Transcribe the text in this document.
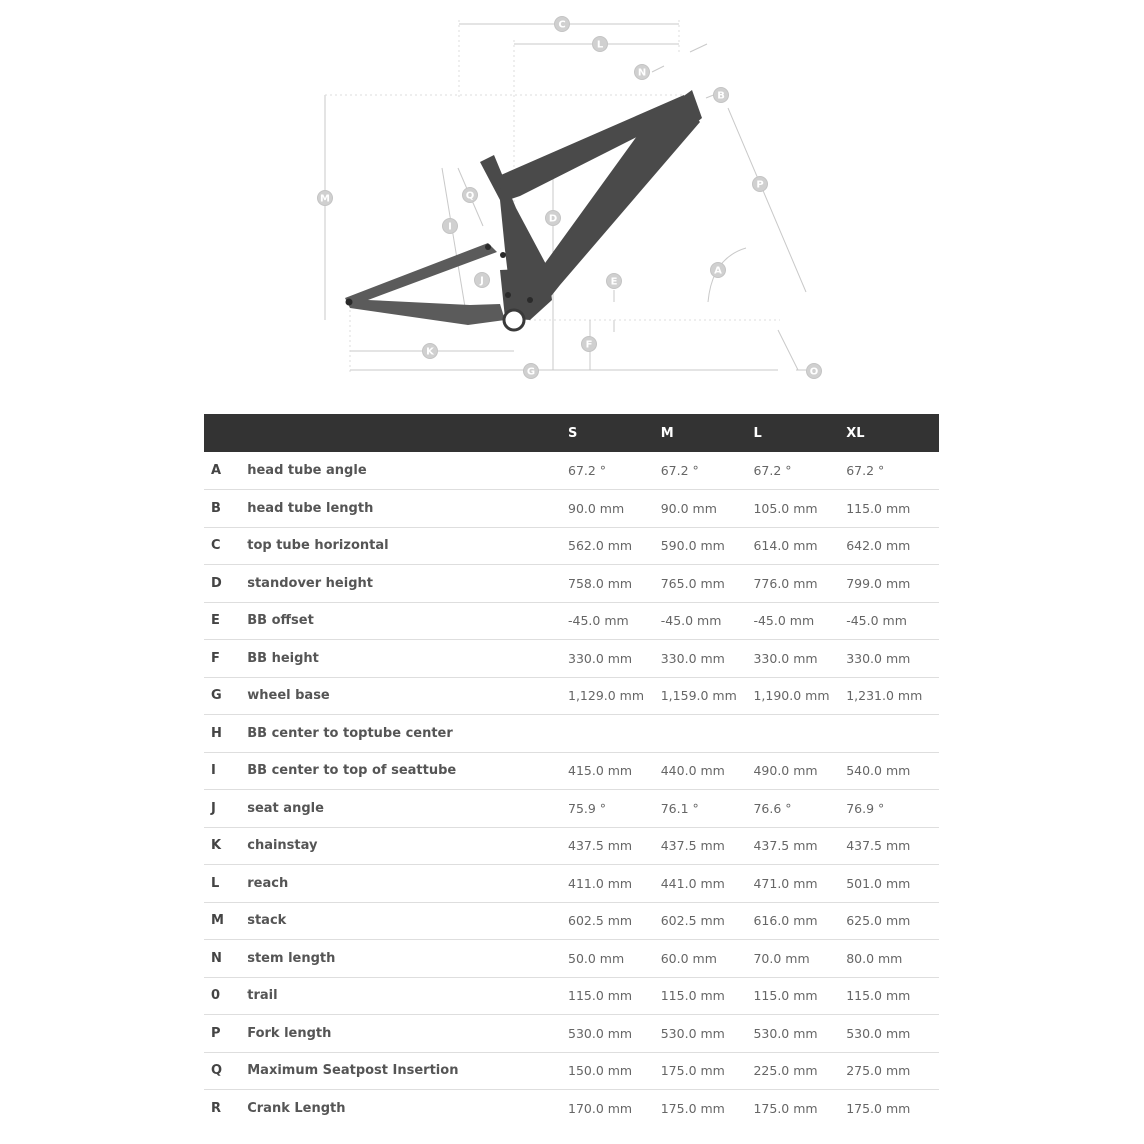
C
L
N
B
P
M	Q
D
I
A
J	E
F
K
G	O
		S	M	L	XL
A	head tube angle	67.2 °	67.2 °	67.2 °	67.2 °
B	head tube length	90.0 mm	90.0 mm	105.0 mm	115.0 mm
C	top tube horizontal	562.0 mm	590.0 mm	614.0 mm	642.0 mm
D	standover height	758.0 mm	765.0 mm	776.0 mm	799.0 mm
E	BB offset	-45.0 mm	-45.0 mm	-45.0 mm	-45.0 mm
F	BB height	330.0 mm	330.0 mm	330.0 mm	330.0 mm
G	wheel base	1,129.0 mm	1,159.0 mm	1,190.0 mm	1,231.0 mm
H	BB center to toptube center				
I	BB center to top of seattube	415.0 mm	440.0 mm	490.0 mm	540.0 mm
J	seat angle	75.9 °	76.1 °	76.6 °	76.9 °
K	chainstay	437.5 mm	437.5 mm	437.5 mm	437.5 mm
L	reach	411.0 mm	441.0 mm	471.0 mm	501.0 mm
M	stack	602.5 mm	602.5 mm	616.0 mm	625.0 mm
N	stem length	50.0 mm	60.0 mm	70.0 mm	80.0 mm
0	trail	115.0 mm	115.0 mm	115.0 mm	115.0 mm
P	Fork length	530.0 mm	530.0 mm	530.0 mm	530.0 mm
Q	Maximum Seatpost Insertion	150.0 mm	175.0 mm	225.0 mm	275.0 mm
R	Crank Length	170.0 mm	175.0 mm	175.0 mm	175.0 mm
